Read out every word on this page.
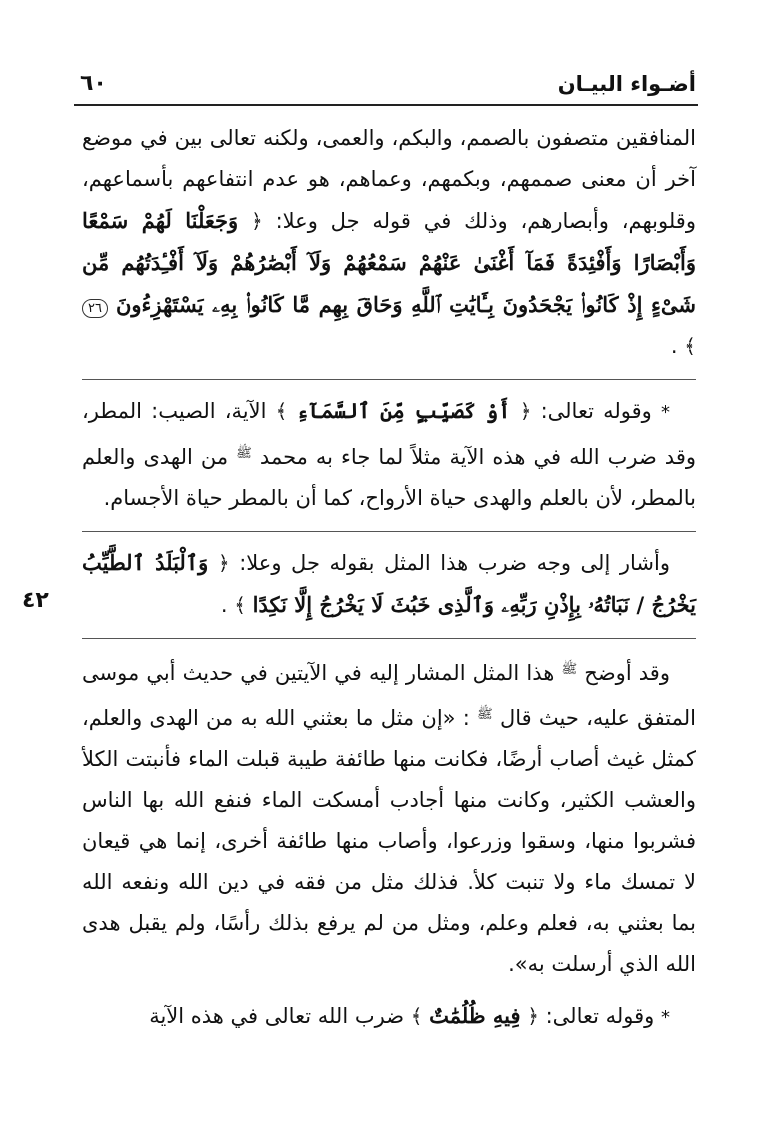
أضـواء البيـان
٦٠
٤٢

المنافقين متصفون بالصمم، والبكم، والعمى، ولكنه تعالى بين في موضع آخر أن معنى صممهم، وبكمهم، وعماهم، هو عدم انتفاعهم بأسماعهم، وقلوبهم، وأبصارهم، وذلك في قوله جل وعلا: ﴿ وَجَعَلْنَا لَهُمْ سَمْعًا وَأَبْصَارًا وَأَفْئِدَةً فَمَآ أَغْنَىٰ عَنْهُمْ سَمْعُهُمْ وَلَآ أَبْصَٰرُهُمْ وَلَآ أَفْـِٔدَتُهُم مِّن شَىْءٍ إِذْ كَانُوا۟ يَجْحَدُونَ بِـَٔايَٰتِ ٱللَّهِ وَحَاقَ بِهِم مَّا كَانُوا۟ بِهِۦ يَسْتَهْزِءُونَ ٢٦ ﴾ .

* وقوله تعالى: ﴿ أَوْ كَصَيِّبٍ مِّنَ ٱلسَّمَآءِ ﴾ الآية، الصيب: المطر، وقد ضرب الله في هذه الآية مثلاً لما جاء به محمد $^ﷺ$ من الهدى والعلم بالمطر، لأن بالعلم والهدى حياة الأرواح، كما أن بالمطر حياة الأجسام.

وأشار إلى وجه ضرب هذا المثل بقوله جل وعلا: ﴿ وَٱلْبَلَدُ ٱلطَّيِّبُ يَخْرُجُ / نَبَاتُهُۥ بِإِذْنِ رَبِّهِۦ وَٱلَّذِى خَبُثَ لَا يَخْرُجُ إِلَّا نَكِدًا ﴾ .

وقد أوضح $^ﷺ$ هذا المثل المشار إليه في الآيتين في حديث أبي موسى المتفق عليه، حيث قال $^ﷺ$ : «إن مثل ما بعثني الله به من الهدى والعلم، كمثل غيث أصاب أرضًا، فكانت منها طائفة طيبة قبلت الماء فأنبتت الكلأ والعشب الكثير، وكانت منها أجادب أمسكت الماء فنفع الله بها الناس فشربوا منها، وسقوا وزرعوا، وأصاب منها طائفة أخرى، إنما هي قيعان لا تمسك ماء ولا تنبت كلأ. فذلك مثل من فقه في دين الله ونفعه الله بما بعثني به، فعلم وعلم، ومثل من لم يرفع بذلك رأسًا، ولم يقبل هدى الله الذي أرسلت به».

* وقوله تعالى: ﴿ فِيهِ ظُلُمَٰتٌ ﴾ ضرب الله تعالى في هذه الآية
